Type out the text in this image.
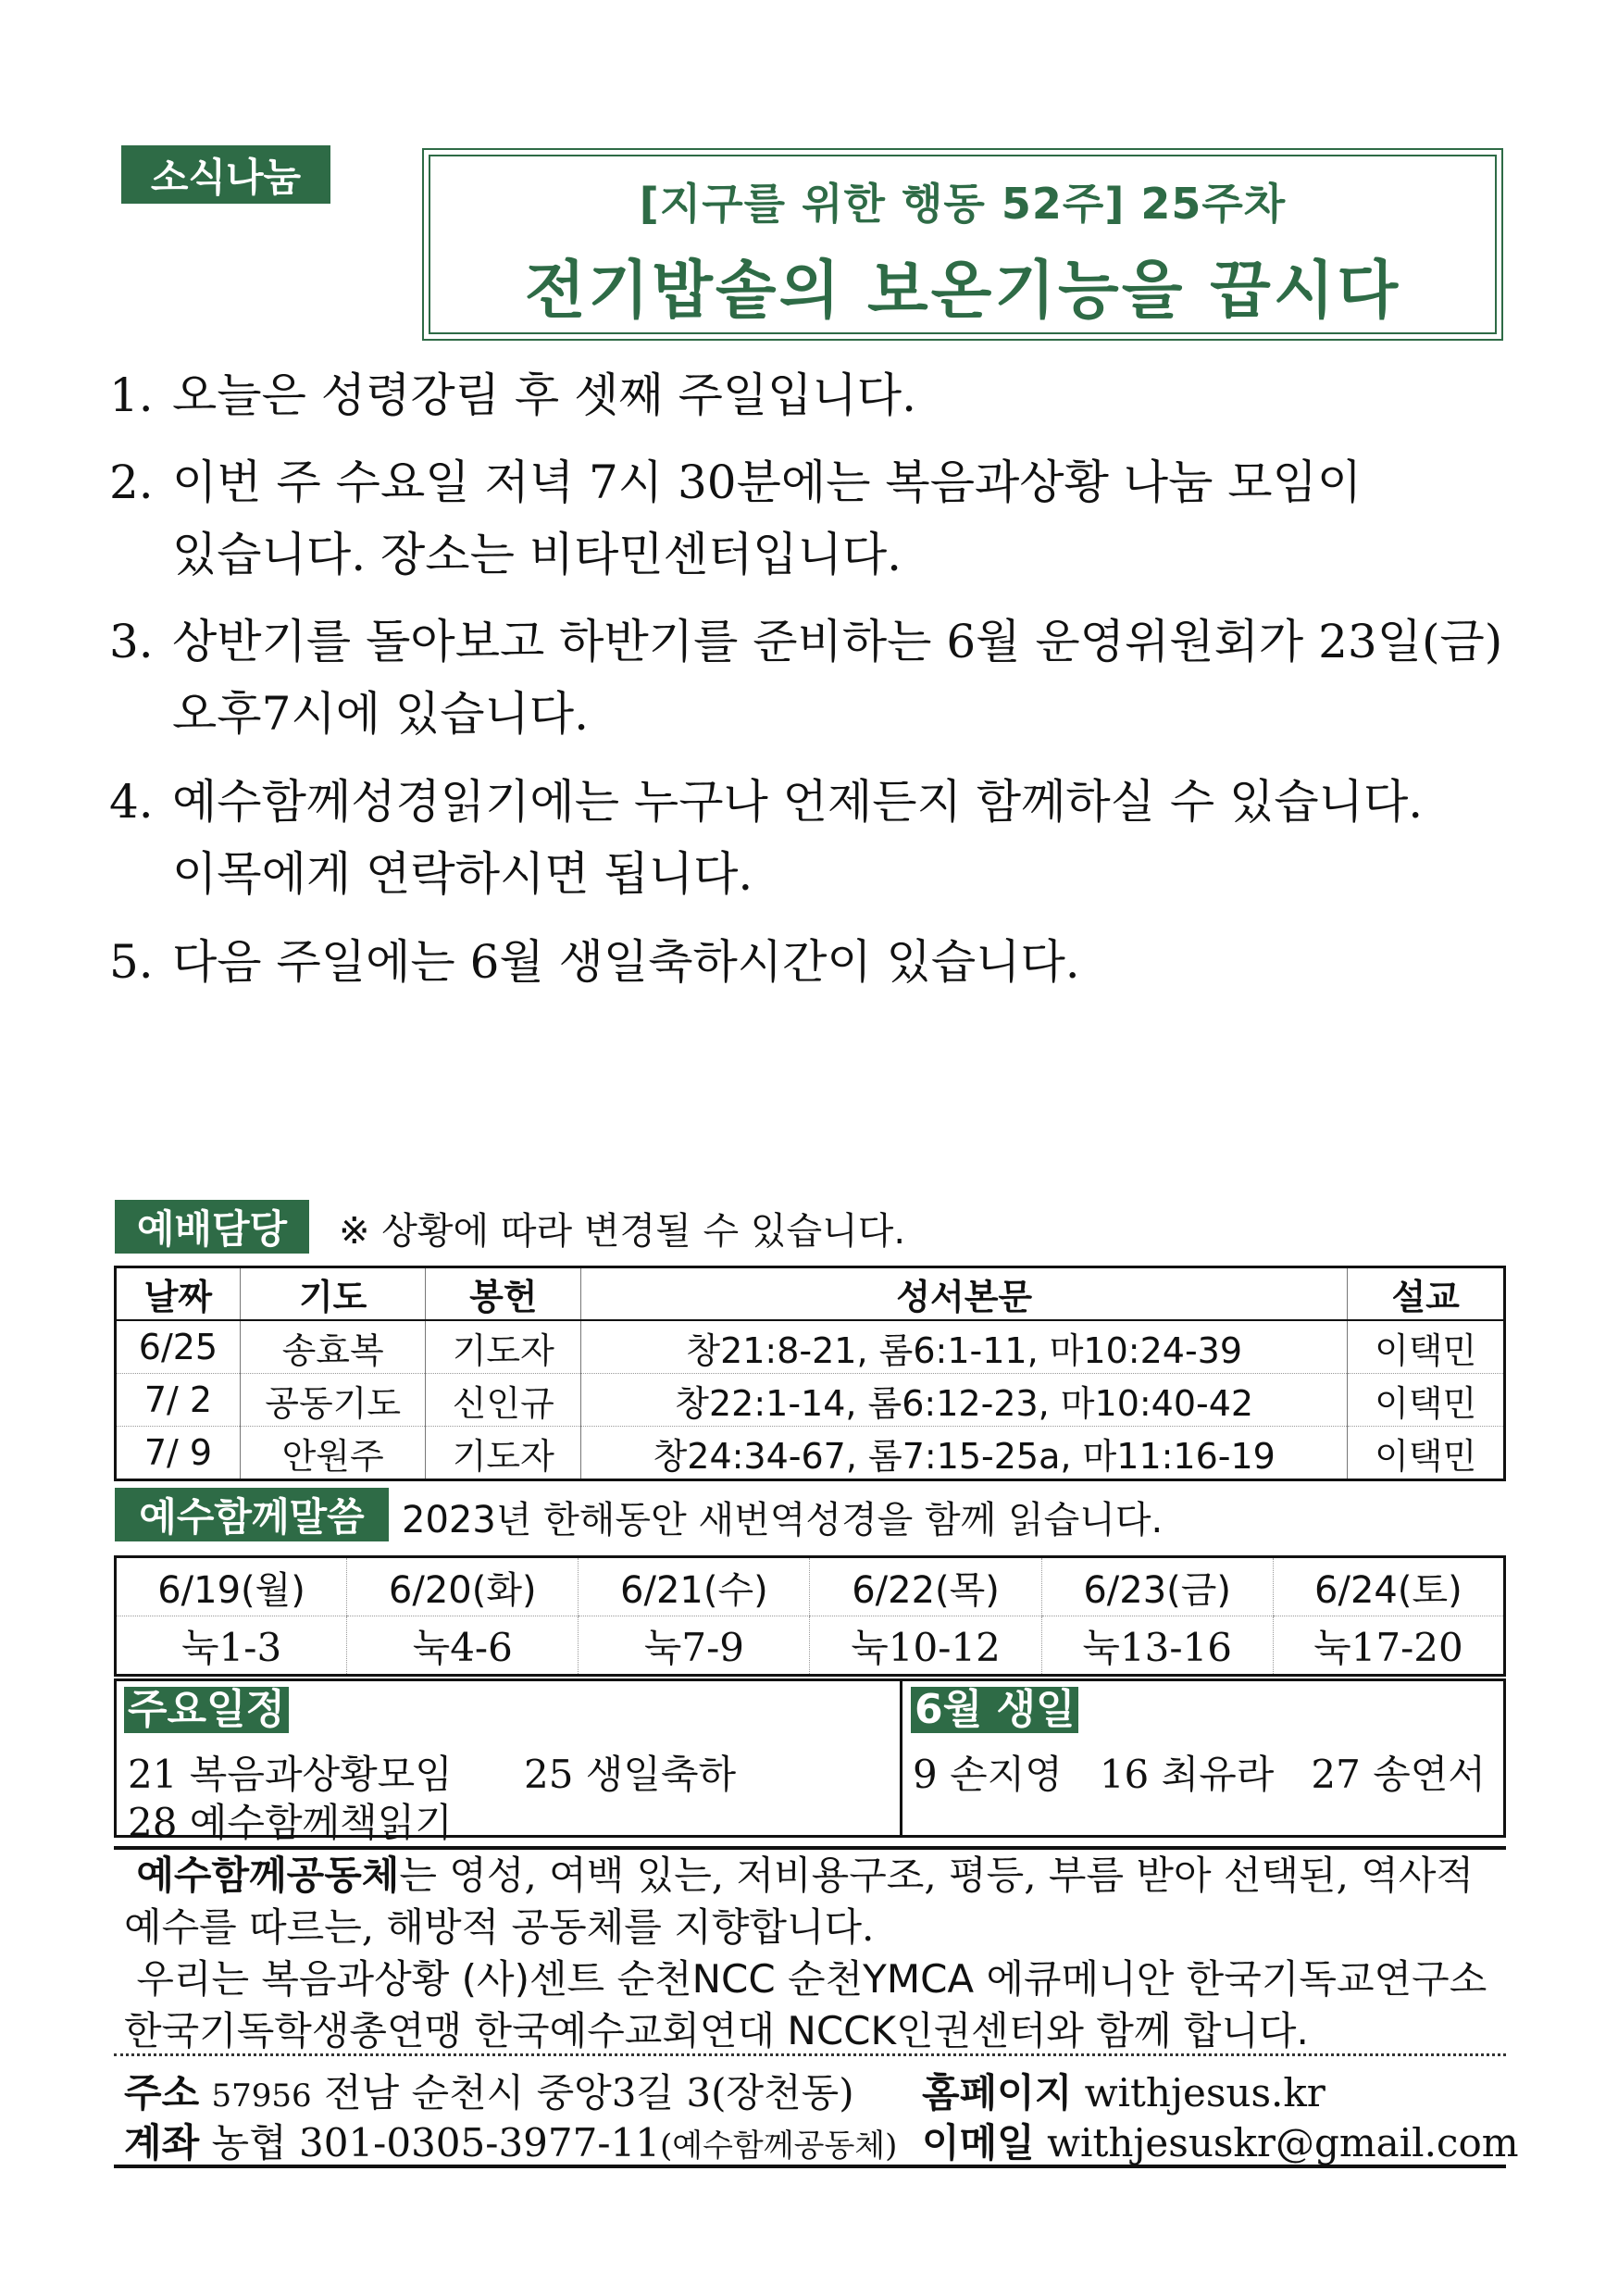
소식나눔
[지구를 위한 행동 52주] 25주차
전기밥솥의 보온기능을 끕시다
1. 오늘은 성령강림 후 셋째 주일입니다.
2. 이번 주 수요일 저녁 7시 30분에는 복음과상황 나눔 모임이
있습니다. 장소는 비타민센터입니다.
3. 상반기를 돌아보고 하반기를 준비하는 6월 운영위원회가 23일(금)
오후7시에 있습니다.
4. 예수함께성경읽기에는 누구나 언제든지 함께하실 수 있습니다.
이목에게 연락하시면 됩니다.
5. 다음 주일에는 6월 생일축하시간이 있습니다.
예배담당	※ 상황에 따라 변경될 수 있습니다.
날짜	기도	봉헌	성서본문	설교
6/25	송효복	기도자	창21:8-21, 롬6:1-11, 마10:24-39	이택민
7/ 2	공동기도	신인규	창22:1-14, 롬6:12-23, 마10:40-42	이택민
7/ 9	안원주	기도자	창24:34-67, 롬7:15-25a, 마11:16-19	이택민
예수함께말씀	2023년 한해동안 새번역성경을 함께 읽습니다.
6/19(월)	6/20(화)	6/21(수)	6/22(목)	6/23(금)	6/24(토)
눅1-3	눅4-6	눅7-9	눅10-12	눅13-16	눅17-20
주요일정
21 복음과상황모임 25 생일축하
28 예수함께책읽기
6월 생일
9 손지영   16 최유라   27 송연서

예수함께공동체는 영성, 여백 있는, 저비용구조, 평등, 부름 받아 선택된, 역사적

예수를 따르는, 해방적 공동체를 지향합니다.

우리는 복음과상황 (사)센트 순천NCC 순천YMCA 에큐메니안 한국기독교연구소

한국기독학생총연맹 한국예수교회연대 NCCK인권센터와 함께 합니다.

주소 57956 전남 순천시 중앙3길 3(장천동) 홈페이지 withjesus.kr
계좌 농협 301-0305-3977-11(예수함께공동체) 이메일 withjesuskr@gmail.com
